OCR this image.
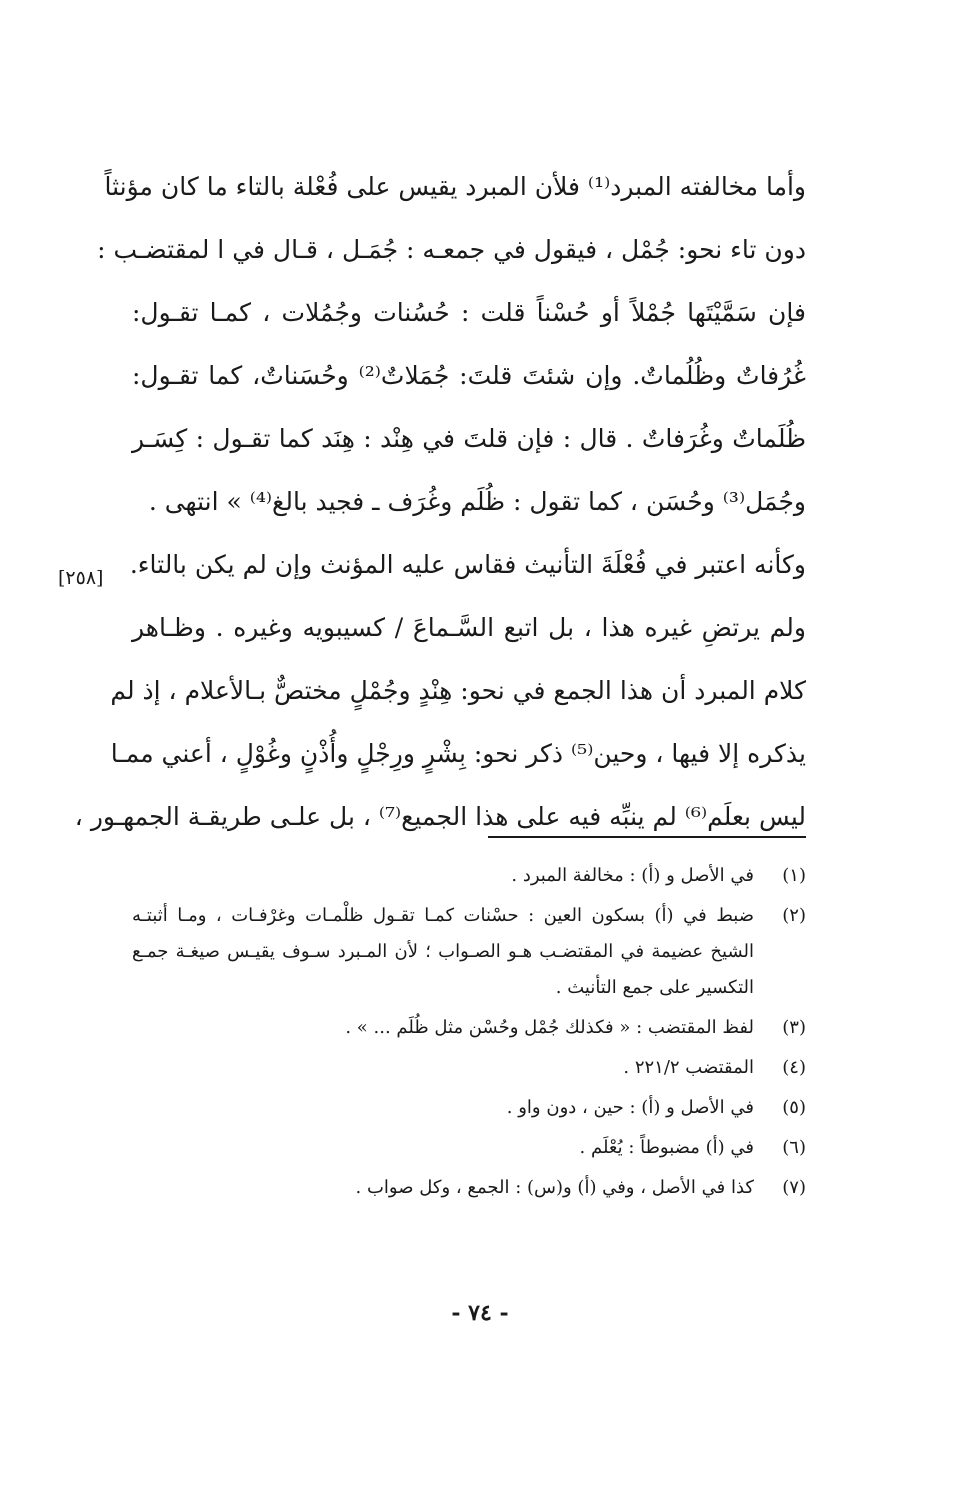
وأما مخالفته المبرد⁽¹⁾ فلأن المبرد يقيس على فُعْلة بالتاء ما كان مؤنثاً
دون تاء نحو: جُمْل ، فيقول في جمعـه : جُمَـل ، قـال في ا لمقتضـب :
فإن سَمَّيْتَها جُمْلاً أو حُسْناً قلت : حُسُنات وجُمُلات ، كمـا تقـول:
غُرُفاتٌ وظُلُماتٌ. وإن شئتَ قلتَ: جُمَلاتٌ⁽²⁾ وحُسَناتٌ، كما تقـول:
ظُلَماتٌ وغُرَفاتٌ . قال : فإن قلتَ في هِنْد : هِنَد كما تقـول : كِسَـر
وجُمَل⁽³⁾ وحُسَن ، كما تقول : ظُلَم وغُرَف ـ فجيد بالغ⁽⁴⁾ » انتهى .
وكأنه اعتبر في فُعْلَةَ التأنيث فقاس عليه المؤنث وإن لم يكن بالتاء.
ولم يرتضِ غيره هذا ، بل اتبع السَّـماعَ / كسيبويه وغيره . وظـاهر
كلام المبرد أن هذا الجمع في نحو: هِنْدٍ وجُمْلٍ مختصٌّ بـالأعلام ، إذ لم
يذكره إلا فيها ، وحين⁽⁵⁾ ذكر نحو: بِشْرٍ ورِجْلٍ وأُذْنٍ وغُوْلٍ ، أعني ممـا
ليس بعلَم⁽⁶⁾ لم ينبِّه فيه على هذا الجميع⁽⁷⁾ ، بل علـى طريقـة الجمهـور ،
[٢٥٨]
(١)
في الأصل و (أ) : مخالفة المبرد .
(٢)
ضبط في (أ) بسكون العين : حسْنات كمـا تقـول ظلْمـات وغرْفـات ، ومـا أثبتـه
الشيخ عضيمة في المقتضـب هـو الصـواب ؛ لأن المـبرد سـوف يقيـس صيغـة جمـع
التكسير على جمع التأنيث .
(٣)
لفظ المقتضب : « فكذلك جُمْل وحُسْن مثل ظُلَم ... » .
(٤)
المقتضب ٢٢١/٢ .
(٥)
في الأصل و (أ) : حين ، دون واو .
(٦)
في (أ) مضبوطاً : يُعْلَم .
(٧)
كذا في الأصل ، وفي (أ) و(س) : الجمع ، وكل صواب .
- ٧٤ -
